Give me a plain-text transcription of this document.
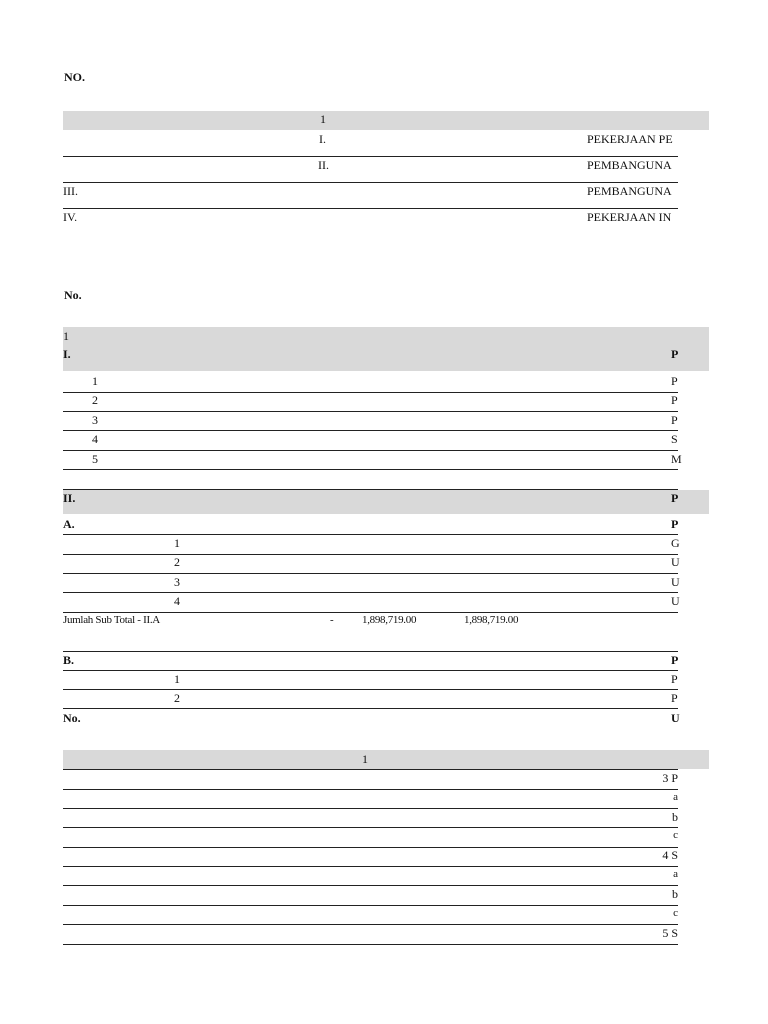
NO.
1
I.	PEKERJAAN PE
II.	PEMBANGUNA
III.	PEMBANGUNA
IV.	PEKERJAAN IN
No.
1
I.	P
1	P
2	P
3	P
4	S
5	M
II.	P
A.	P
1	G
2	U
3	U
4	U
Jumlah Sub Total - II.A	-	1,898,719.00	1,898,719.00
B.	P
1	P
2	P
No.	U
1
3 P
a
b
c
4 S
a
b
c
5 S
